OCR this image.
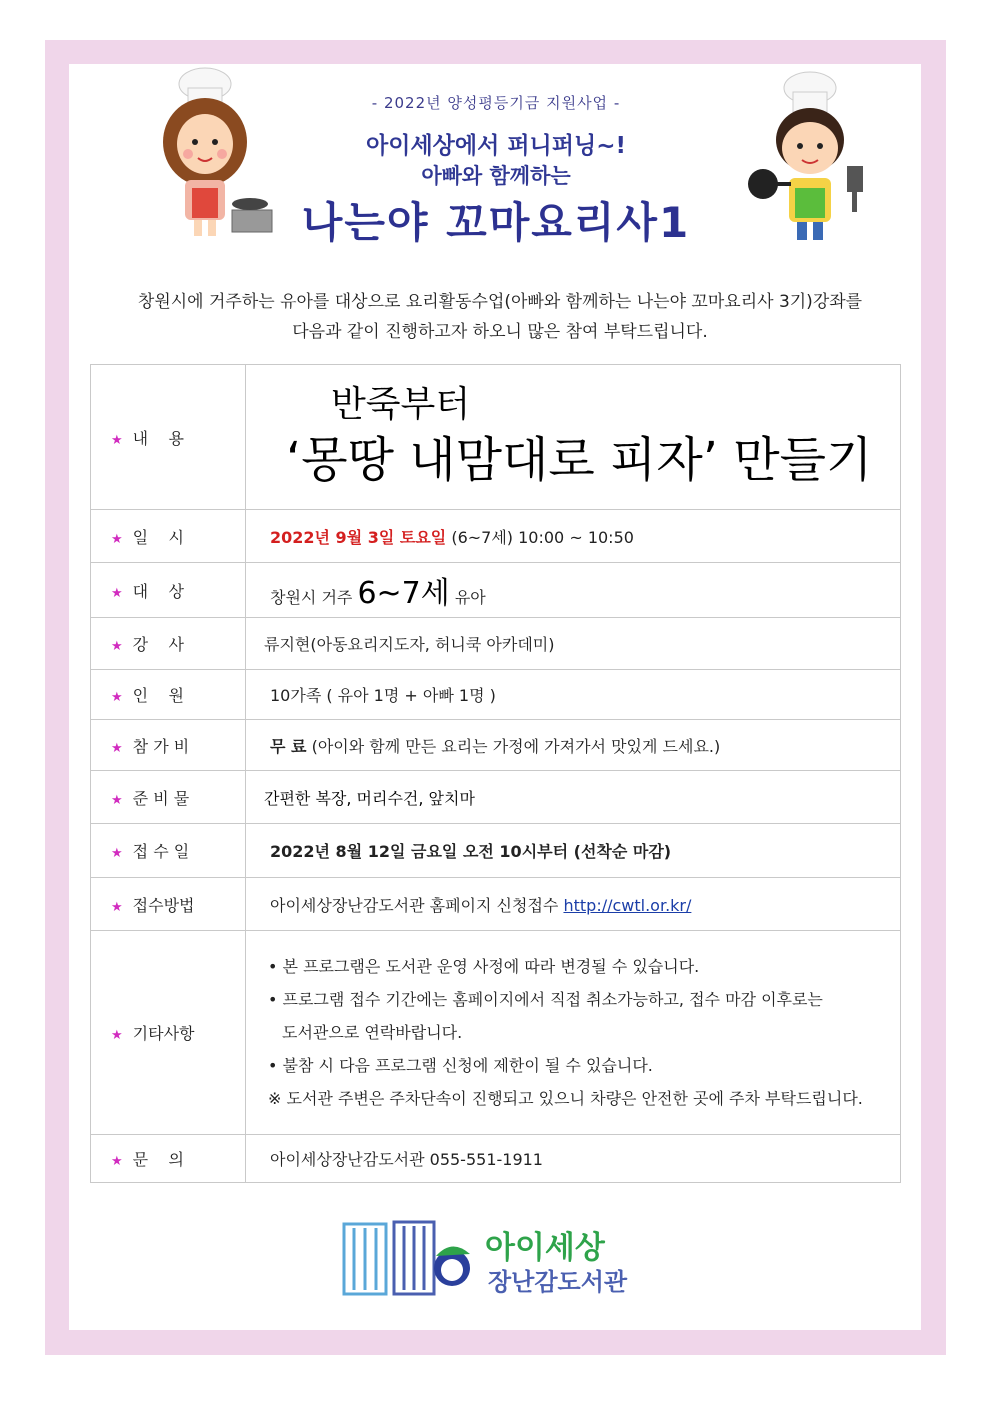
- 2022년 양성평등기금 지원사업 -
아이세상에서 퍼니퍼닝~!
아빠와 함께하는
나는야 꼬마요리사1
창원시에 거주하는 유아를 대상으로 요리활동수업(아빠와 함께하는 나는야 꼬마요리사 3기)강좌를
다음과 같이 진행하고자 하오니 많은 참여 부탁드립니다.
★ 내    용	반죽부터
‘몽땅 내맘대로 피자’ 만들기

★ 일    시	2022년 9월 3일 토요일 (6~7세) 10:00 ~ 10:50
★ 대    상	창원시 거주 6~7세 유아
★ 강    사	류지현(아동요리지도자, 허니쿡 아카데미)
★ 인    원	10가족 ( 유아 1명 + 아빠 1명 )
★ 참 가 비	무 료 (아이와 함께 만든 요리는 가정에 가져가서 맛있게 드세요.)
★ 준 비 물	간편한 복장, 머리수건, 앞치마
★ 접 수 일	2022년 8월 12일 금요일 오전 10시부터 (선착순 마감)
★ 접수방법	아이세상장난감도서관 홈페이지 신청접수 http://cwtl.or.kr/
★ 기타사항	• 본 프로그램은 도서관 운영 사정에 따라 변경될 수 있습니다.
• 프로그램 접수 기간에는 홈페이지에서 직접 취소가능하고, 접수 마감 이후로는
도서관으로 연락바랍니다.
• 불참 시 다음 프로그램 신청에 제한이 될 수 있습니다.
※ 도서관 주변은 주차단속이 진행되고 있으니 차량은 안전한 곳에 주차 부탁드립니다.

★ 문    의	아이세상장난감도서관 055-551-1911
아이세상
장난감도서관
